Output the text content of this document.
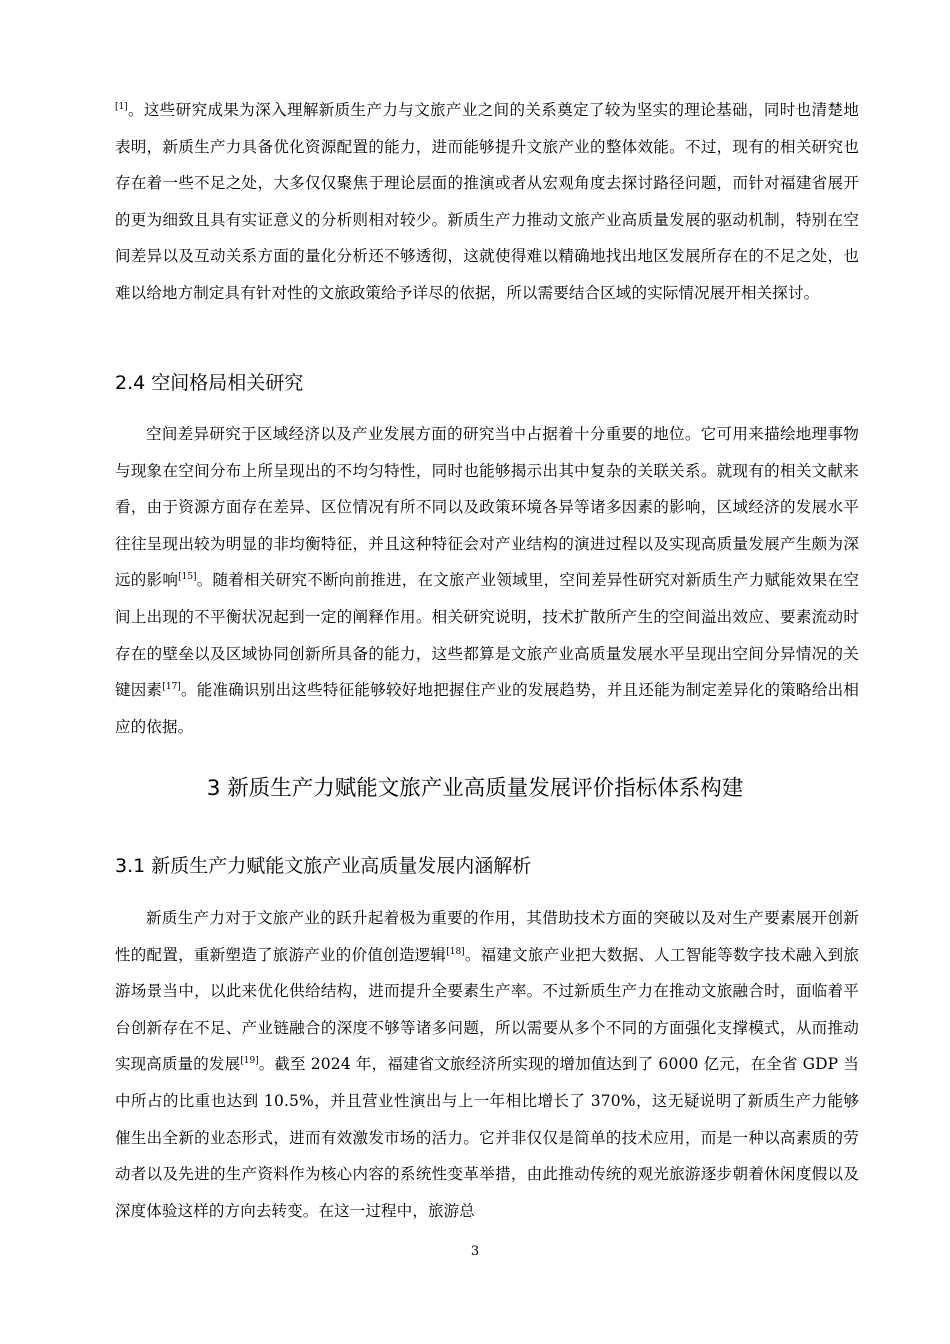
[1]。这些研究成果为深入理解新质生产力与文旅产业之间的关系奠定了较为坚实的理论基础，同时也清楚地表明，新质生产力具备优化资源配置的能力，进而能够提升文旅产业的整体效能。不过，现有的相关研究也存在着一些不足之处，大多仅仅聚焦于理论层面的推演或者从宏观角度去探讨路径问题，而针对福建省展开的更为细致且具有实证意义的分析则相对较少。新质生产力推动文旅产业高质量发展的驱动机制，特别在空间差异以及互动关系方面的量化分析还不够透彻，这就使得难以精确地找出地区发展所存在的不足之处，也难以给地方制定具有针对性的文旅政策给予详尽的依据，所以需要结合区域的实际情况展开相关探讨。

2.4 空间格局相关研究

空间差异研究于区域经济以及产业发展方面的研究当中占据着十分重要的地位。它可用来描绘地理事物与现象在空间分布上所呈现出的不均匀特性，同时也能够揭示出其中复杂的关联关系。就现有的相关文献来看，由于资源方面存在差异、区位情况有所不同以及政策环境各异等诸多因素的影响，区域经济的发展水平往往呈现出较为明显的非均衡特征，并且这种特征会对产业结构的演进过程以及实现高质量发展产生颇为深远的影响[15]。随着相关研究不断向前推进，在文旅产业领域里，空间差异性研究对新质生产力赋能效果在空间上出现的不平衡状况起到一定的阐释作用。相关研究说明，技术扩散所产生的空间溢出效应、要素流动时存在的壁垒以及区域协同创新所具备的能力，这些都算是文旅产业高质量发展水平呈现出空间分异情况的关键因素[17]。能准确识别出这些特征能够较好地把握住产业的发展趋势，并且还能为制定差异化的策略给出相应的依据。

3 新质生产力赋能文旅产业高质量发展评价指标体系构建
3.1 新质生产力赋能文旅产业高质量发展内涵解析

新质生产力对于文旅产业的跃升起着极为重要的作用，其借助技术方面的突破以及对生产要素展开创新性的配置，重新塑造了旅游产业的价值创造逻辑[18]。福建文旅产业把大数据、人工智能等数字技术融入到旅游场景当中，以此来优化供给结构，进而提升全要素生产率。不过新质生产力在推动文旅融合时，面临着平台创新存在不足、产业链融合的深度不够等诸多问题，所以需要从多个不同的方面强化支撑模式，从而推动实现高质量的发展[19]。截至 2024 年，福建省文旅经济所实现的增加值达到了 6000 亿元，在全省 GDP 当中所占的比重也达到 10.5%，并且营业性演出与上一年相比增长了 370%，这无疑说明了新质生产力能够催生出全新的业态形式，进而有效激发市场的活力。它并非仅仅是简单的技术应用，而是一种以高素质的劳动者以及先进的生产资料作为核心内容的系统性变革举措，由此推动传统的观光旅游逐步朝着休闲度假以及深度体验这样的方向去转变。在这一过程中，旅游总

3
